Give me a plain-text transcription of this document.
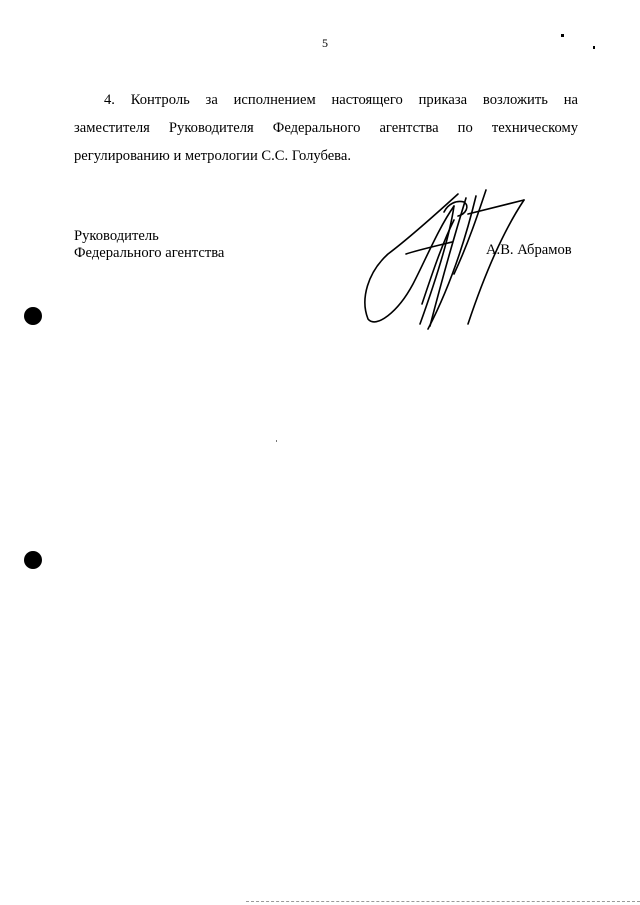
5
4. Контроль за исполнением настоящего приказа возложить на
заместителя Руководителя Федерального агентства по техническому
регулированию и метрологии С.С. Голубева.
Руководитель
Федерального агентства	А.В. Абрамов
